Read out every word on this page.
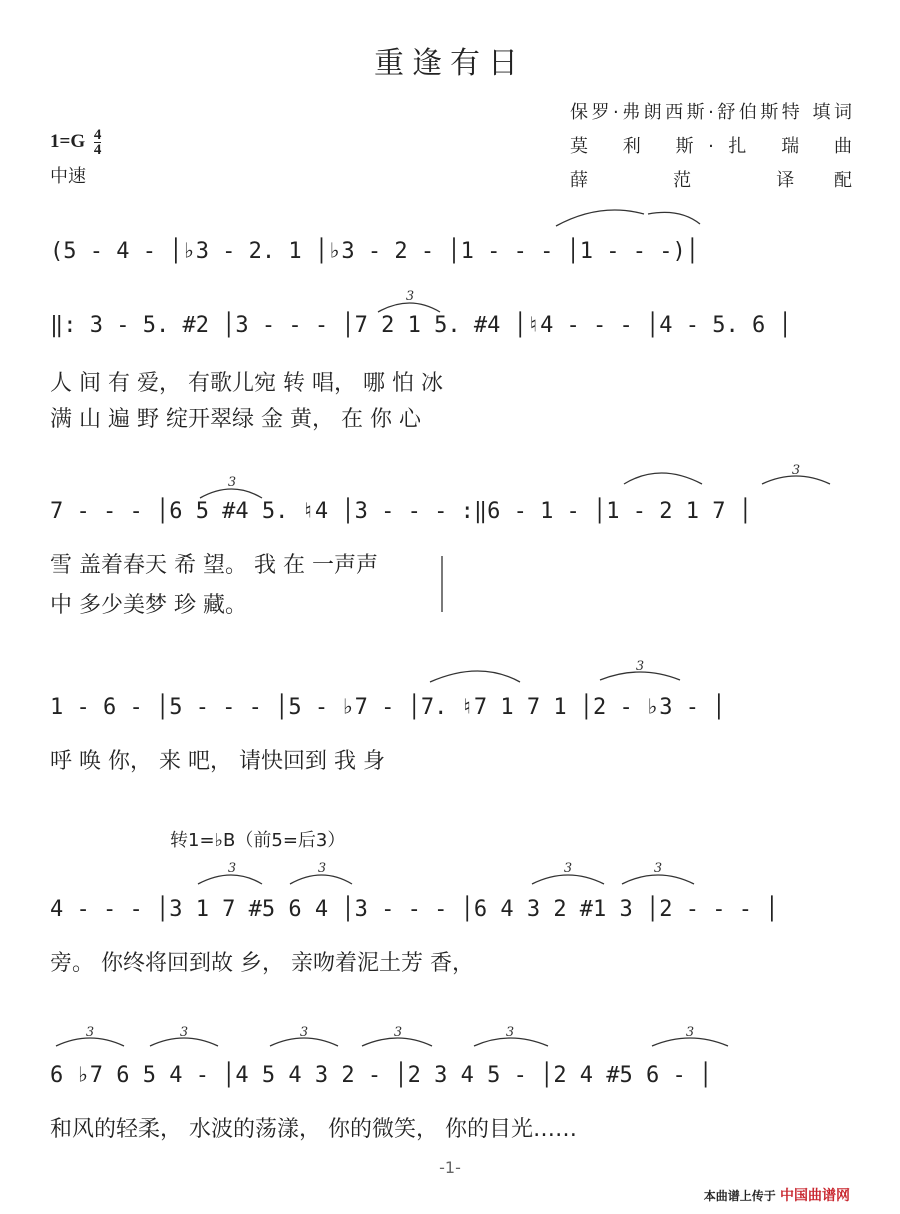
重逢有日
保罗·弗朗西斯·舒伯斯特 填词
莫 利 斯·扎 瑞 曲
薛 范 译配
$1=G \frac{4}{4}$
中速
(5 - 4 - │♭3 - 2. 1 │♭3 - 2 - │1 - - - │1 - - -)│
‖: 3 - 5. #2 │3 - - - │7 2 1 5. #4 │♮4 - - - │4 - 5. 6 │
人 间 有 爱， 有歌儿宛 转 唱， 哪 怕 冰
满 山 遍 野 绽开翠绿 金 黄， 在 你 心
7 - - - │6 5 #4 5. ♮4 │3 - - - :‖6 - 1 - │1 - 2 1 7 │
雪 盖着春天 希 望。 我 在 一声声
中 多少美梦 珍 藏。
1 - 6 - │5 - - - │5 - ♭7 - │7. ♮7 1 7 1 │2 - ♭3 - │
呼 唤 你， 来 吧， 请快回到 我 身
转1=♭B（前5=后3）
4 - - - │3 1 7 #5 6 4 │3 - - - │6 4 3 2 #1 3 │2 - - - │
旁。 你终将回到故 乡， 亲吻着泥土芳 香，
6 ♭7 6 5 4 - │4 5 4 3 2 - │2 3 4 5 - │2 4 #5 6 - │
和风的轻柔， 水波的荡漾， 你的微笑， 你的目光……
3
3
3
3
3	3	3	3
3	3	3	3	3	3
-1-
本曲谱上传于 中国曲谱网
